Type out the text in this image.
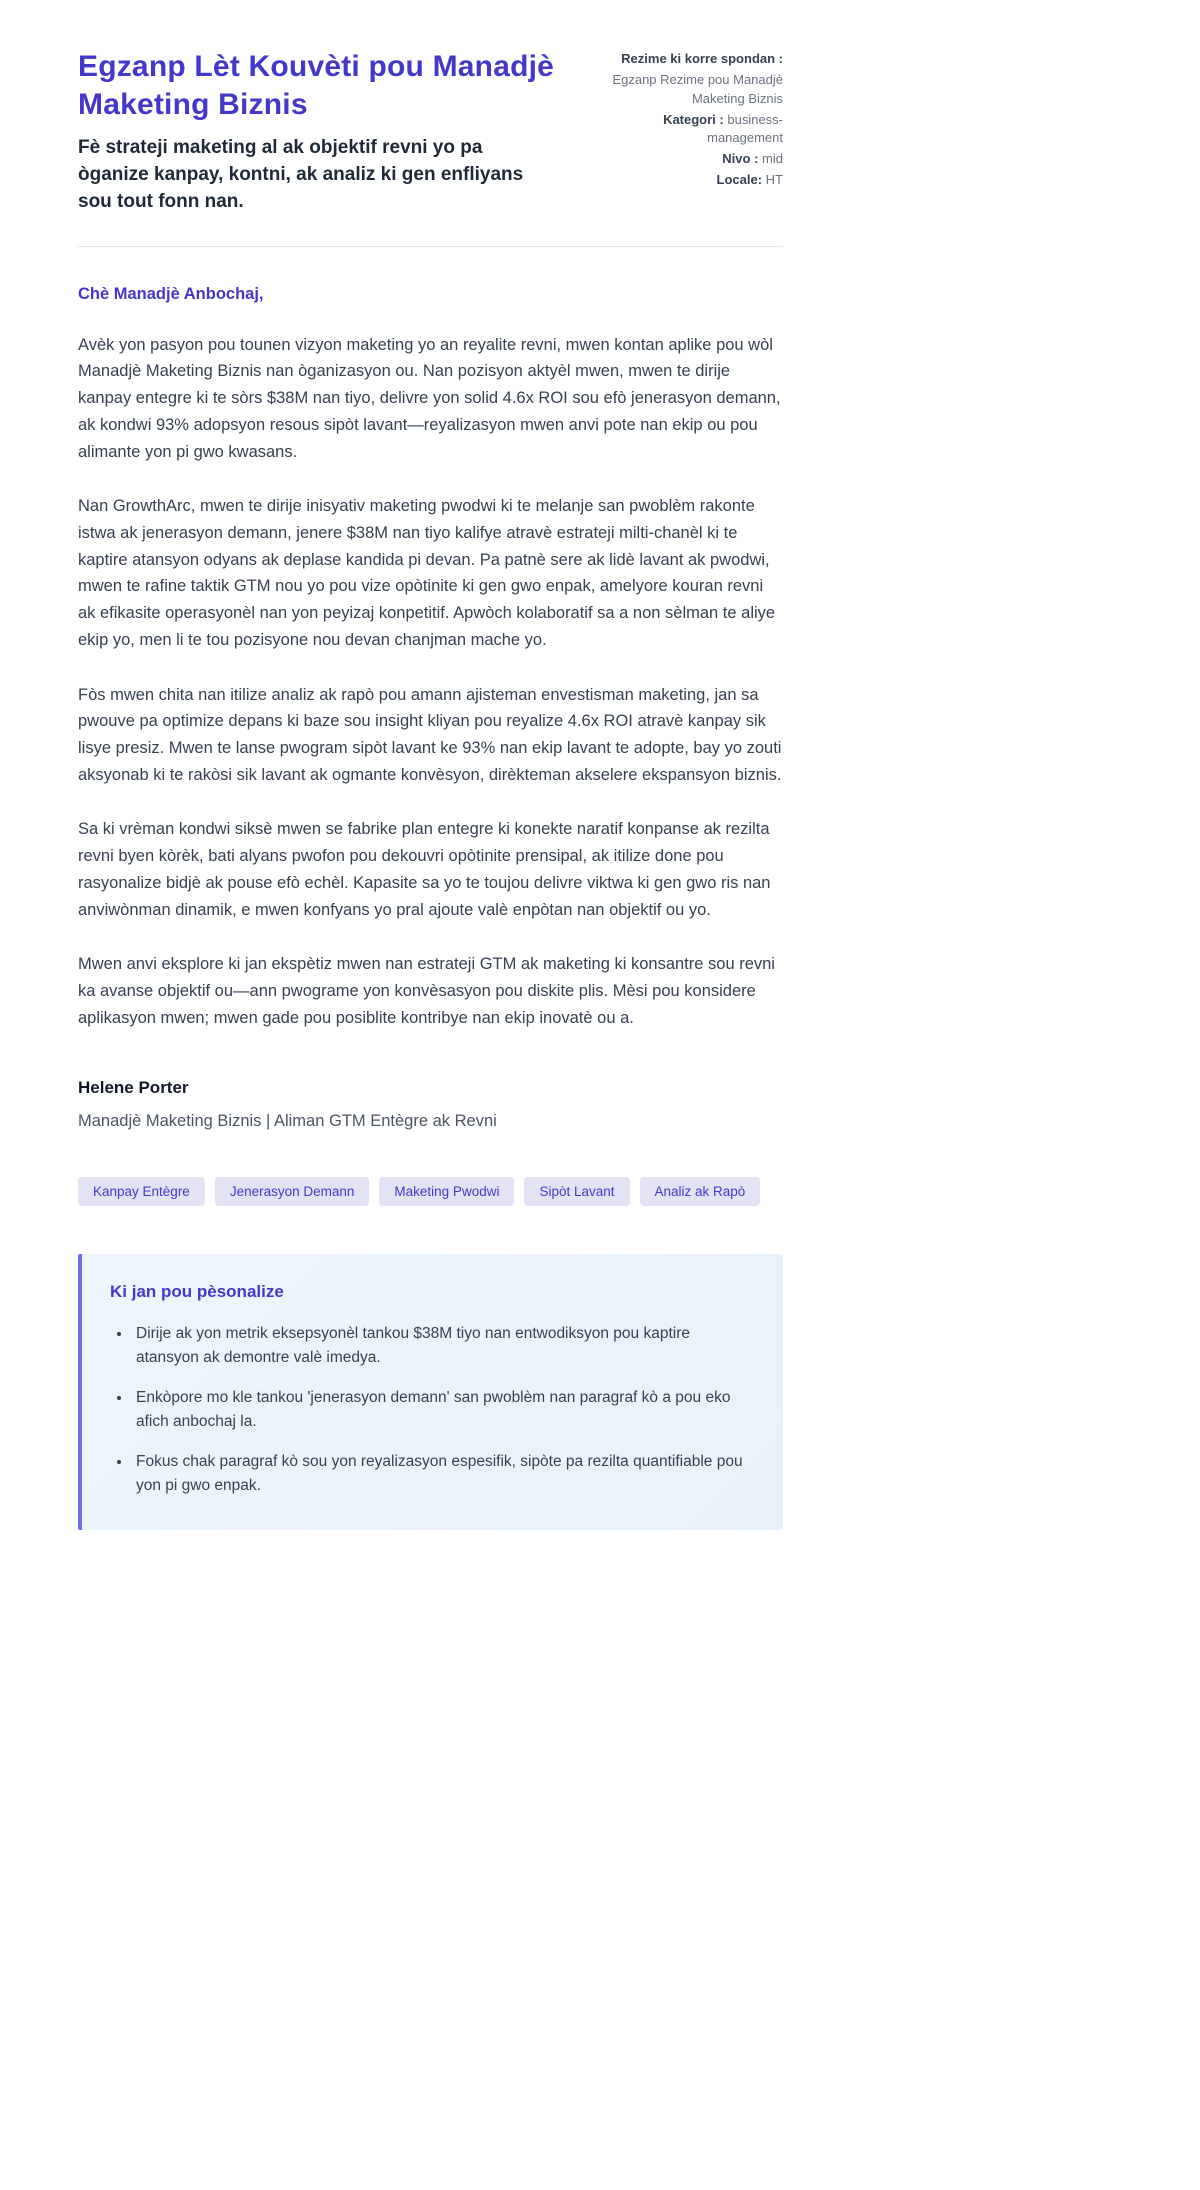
Egzanp Lèt Kouvèti pou Manadjè Maketing Biznis
Fè strateji maketing al ak objektif revni yo pa òganize kanpay, kontni, ak analiz ki gen enfliyans sou tout fonn nan.
Rezime ki korre spondan :
Egzanp Rezime pou Manadjè Maketing Biznis
Kategori : business-management
Nivo : mid
Locale: HT
Chè Manadjè Anbochaj,

Avèk yon pasyon pou tounen vizyon maketing yo an reyalite revni, mwen kontan aplike pou wòl Manadjè Maketing Biznis nan òganizasyon ou. Nan pozisyon aktyèl mwen, mwen te dirije kanpay entegre ki te sòrs $38M nan tiyo, delivre yon solid 4.6x ROI sou efò jenerasyon demann, ak kondwi 93% adopsyon resous sipòt lavant—reyalizasyon mwen anvi pote nan ekip ou pou alimante yon pi gwo kwasans.

Nan GrowthArc, mwen te dirije inisyativ maketing pwodwi ki te melanje san pwoblèm rakonte istwa ak jenerasyon demann, jenere $38M nan tiyo kalifye atravè estrateji milti-chanèl ki te kaptire atansyon odyans ak deplase kandida pi devan. Pa patnè sere ak lidè lavant ak pwodwi, mwen te rafine taktik GTM nou yo pou vize opòtinite ki gen gwo enpak, amelyore kouran revni ak efikasite operasyonèl nan yon peyizaj konpetitif. Apwòch kolaboratif sa a non sèlman te aliye ekip yo, men li te tou pozisyone nou devan chanjman mache yo.

Fòs mwen chita nan itilize analiz ak rapò pou amann ajisteman envestisman maketing, jan sa pwouve pa optimize depans ki baze sou insight kliyan pou reyalize 4.6x ROI atravè kanpay sik lisye presiz. Mwen te lanse pwogram sipòt lavant ke 93% nan ekip lavant te adopte, bay yo zouti aksyonab ki te rakòsi sik lavant ak ogmante konvèsyon, dirèkteman akselere ekspansyon biznis.

Sa ki vrèman kondwi siksè mwen se fabrike plan entegre ki konekte naratif konpanse ak rezilta revni byen kòrèk, bati alyans pwofon pou dekouvri opòtinite prensipal, ak itilize done pou rasyonalize bidjè ak pouse efò echèl. Kapasite sa yo te toujou delivre viktwa ki gen gwo ris nan anviwònman dinamik, e mwen konfyans yo pral ajoute valè enpòtan nan objektif ou yo.

Mwen anvi eksplore ki jan ekspètiz mwen nan estrateji GTM ak maketing ki konsantre sou revni ka avanse objektif ou—ann pwograme yon konvèsasyon pou diskite plis. Mèsi pou konsidere aplikasyon mwen; mwen gade pou posiblite kontribye nan ekip inovatè ou a.

Helene Porter
Manadjè Maketing Biznis | Aliman GTM Entègre ak Revni
Kanpay Entègre	Jenerasyon Demann	Maketing Pwodwi	Sipòt Lavant	Analiz ak Rapò
Ki jan pou pèsonalize
• Dirije ak yon metrik eksepsyonèl tankou $38M tiyo nan entwodiksyon pou kaptire atansyon ak demontre valè imedya.
• Enkòpore mo kle tankou 'jenerasyon demann' san pwoblèm nan paragraf kò a pou eko afich anbochaj la.
• Fokus chak paragraf kò sou yon reyalizasyon espesifik, sipòte pa rezilta quantifiable pou yon pi gwo enpak.
